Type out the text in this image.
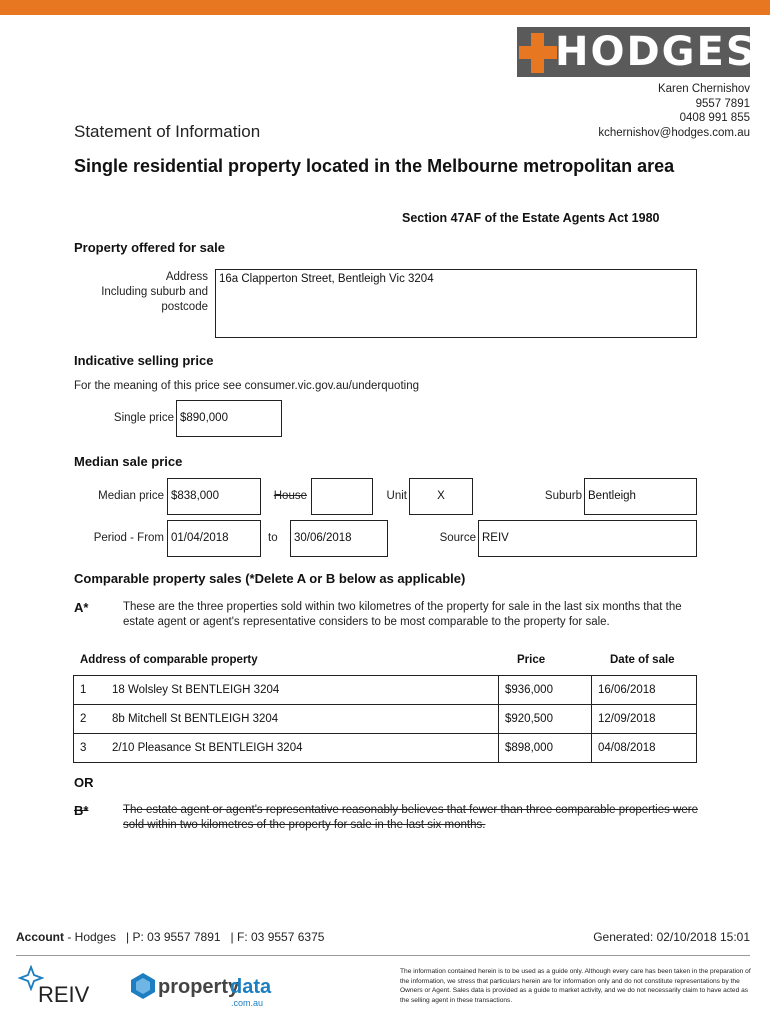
HODGES
Karen Chernishov
9557 7891
0408 991 855
kchernishov@hodges.com.au
Statement of Information
Single residential property located in the Melbourne metropolitan area
Section 47AF of the Estate Agents Act 1980
Property offered for sale
Address
Including suburb and
postcode
16a Clapperton Street, Bentleigh Vic 3204
Indicative selling price
For the meaning of this price see consumer.vic.gov.au/underquoting
Single price $890,000
Median sale price
Median price $838,000	House	Unit	X	Suburb Bentleigh
Period - From 01/04/2018	to	30/06/2018	Source REIV
Comparable property sales (*Delete A or B below as applicable)
A*	These are the three properties sold within two kilometres of the property for sale in the last six months that the estate agent or agent's representative considers to be most comparable to the property for sale.
Address of comparable property	Price	Date of sale
1	18 Wolsley St BENTLEIGH 3204	$936,000	16/06/2018
2	8b Mitchell St BENTLEIGH 3204	$920,500	12/09/2018
3	2/10 Pleasance St BENTLEIGH 3204	$898,000	04/08/2018
OR
B*	The estate agent or agent's representative reasonably believes that fewer than three comparable properties were sold within two kilometres of the property for sale in the last six months.
Account - Hodges   | P: 03 9557 7891   | F: 03 9557 6375	Generated: 02/10/2018 15:01
REIV	property
data
.com.au
The information contained herein is to be used as a guide only. Although every care has been taken in the preparation of the information, we stress that particulars herein are for information only and do not constitute representations by the Owners or Agent. Sales data is provided as a guide to market activity, and we do not necessarily claim to have acted as the selling agent in these transactions.
